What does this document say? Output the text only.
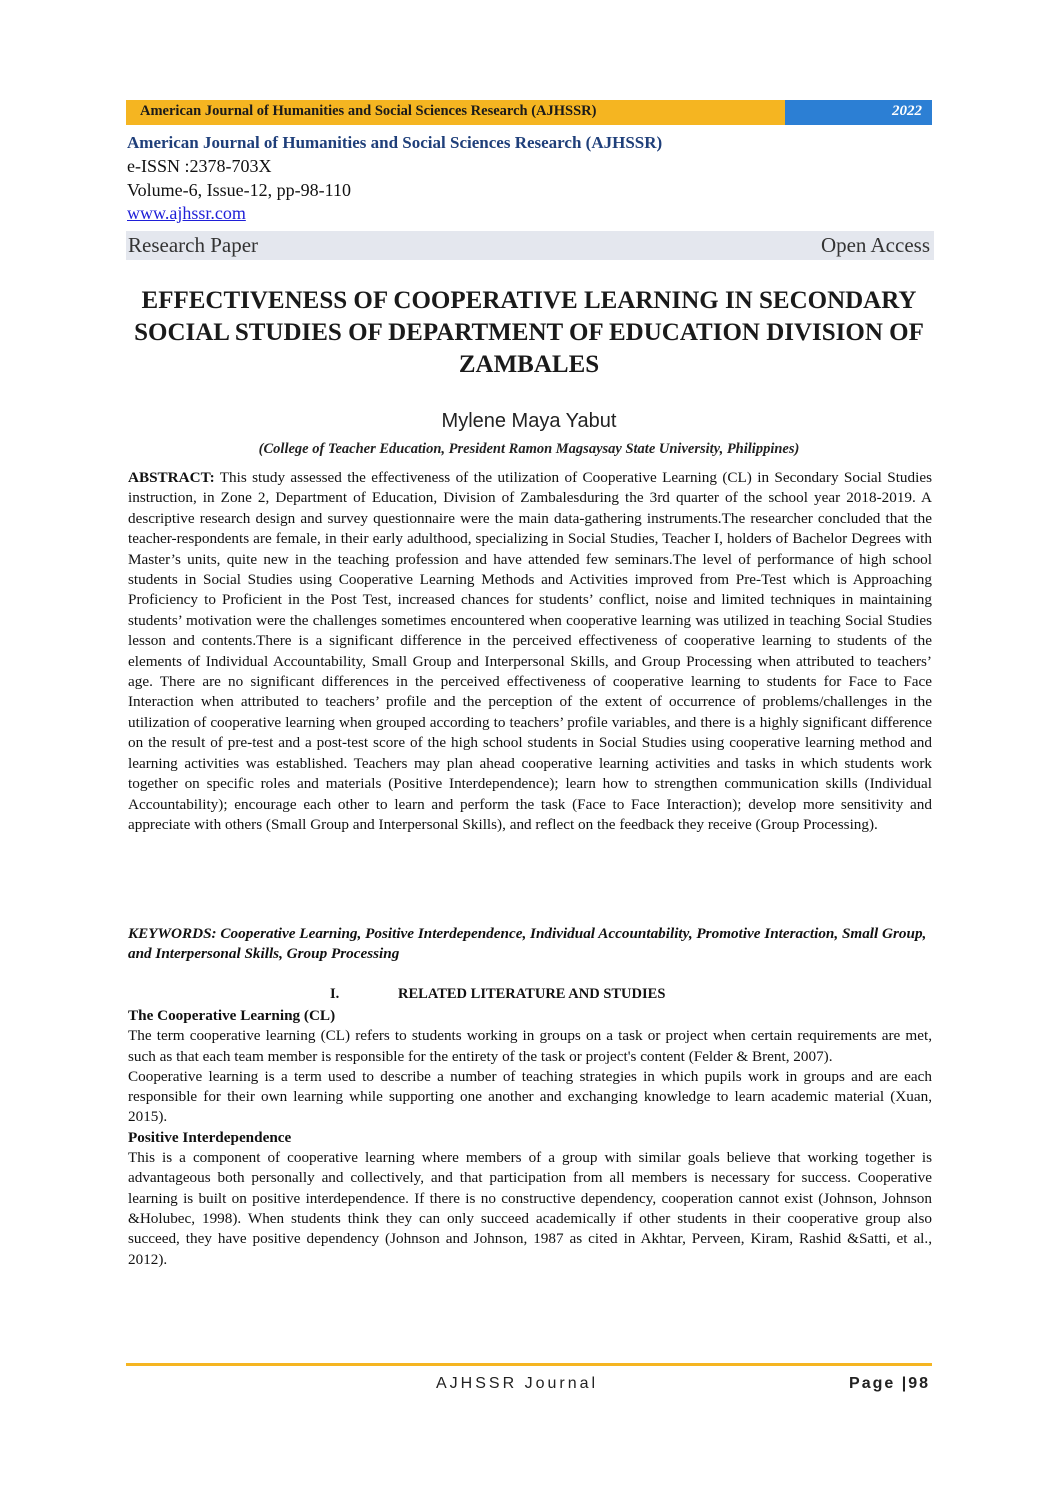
American Journal of Humanities and Social Sciences Research (AJHSSR)	2022
American Journal of Humanities and Social Sciences Research (AJHSSR)
e-ISSN :2378-703X
Volume-6, Issue-12, pp-98-110
www.ajhssr.com
Research Paper	Open Access
EFFECTIVENESS OF COOPERATIVE LEARNING IN SECONDARY SOCIAL STUDIES OF DEPARTMENT OF EDUCATION DIVISION OF ZAMBALES
Mylene Maya Yabut
(College of Teacher Education, President Ramon Magsaysay State University, Philippines)
ABSTRACT: This study assessed the effectiveness of the utilization of Cooperative Learning (CL) in Secondary Social Studies instruction, in Zone 2, Department of Education, Division of Zambalesduring the 3rd quarter of the school year 2018-2019. A descriptive research design and survey questionnaire were the main data-gathering instruments.The researcher concluded that the teacher-respondents are female, in their early adulthood, specializing in Social Studies, Teacher I, holders of Bachelor Degrees with Master’s units, quite new in the teaching profession and have attended few seminars.The level of performance of high school students in Social Studies using Cooperative Learning Methods and Activities improved from Pre-Test which is Approaching Proficiency to Proficient in the Post Test, increased chances for students’ conflict, noise and limited techniques in maintaining students’ motivation were the challenges sometimes encountered when cooperative learning was utilized in teaching Social Studies lesson and contents.There is a significant difference in the perceived effectiveness of cooperative learning to students of the elements of Individual Accountability, Small Group and Interpersonal Skills, and Group Processing when attributed to teachers’ age. There are no significant differences in the perceived effectiveness of cooperative learning to students for Face to Face Interaction when attributed to teachers’ profile and the perception of the extent of occurrence of problems/challenges in the utilization of cooperative learning when grouped according to teachers’ profile variables, and there is a highly significant difference on the result of pre-test and a post-test score of the high school students in Social Studies using cooperative learning method and learning activities was established. Teachers may plan ahead cooperative learning activities and tasks in which students work together on specific roles and materials (Positive Interdependence); learn how to strengthen communication skills (Individual Accountability); encourage each other to learn and perform the task (Face to Face Interaction); develop more sensitivity and appreciate with others (Small Group and Interpersonal Skills), and reflect on the feedback they receive (Group Processing).
KEYWORDS: Cooperative Learning, Positive Interdependence, Individual Accountability, Promotive Interaction, Small Group, and Interpersonal Skills, Group Processing
I.	RELATED LITERATURE AND STUDIES
The Cooperative Learning (CL)

The term cooperative learning (CL) refers to students working in groups on a task or project when certain requirements are met, such as that each team member is responsible for the entirety of the task or project's content (Felder & Brent, 2007).

Cooperative learning is a term used to describe a number of teaching strategies in which pupils work in groups and are each responsible for their own learning while supporting one another and exchanging knowledge to learn academic material (Xuan, 2015).

Positive Interdependence

This is a component of cooperative learning where members of a group with similar goals believe that working together is advantageous both personally and collectively, and that participation from all members is necessary for success. Cooperative learning is built on positive interdependence. If there is no constructive dependency, cooperation cannot exist (Johnson, Johnson &Holubec, 1998). When students think they can only succeed academically if other students in their cooperative group also succeed, they have positive dependency (Johnson and Johnson, 1987 as cited in Akhtar, Perveen, Kiram, Rashid &Satti, et al., 2012).

AJHSSR Journal	Page |98
